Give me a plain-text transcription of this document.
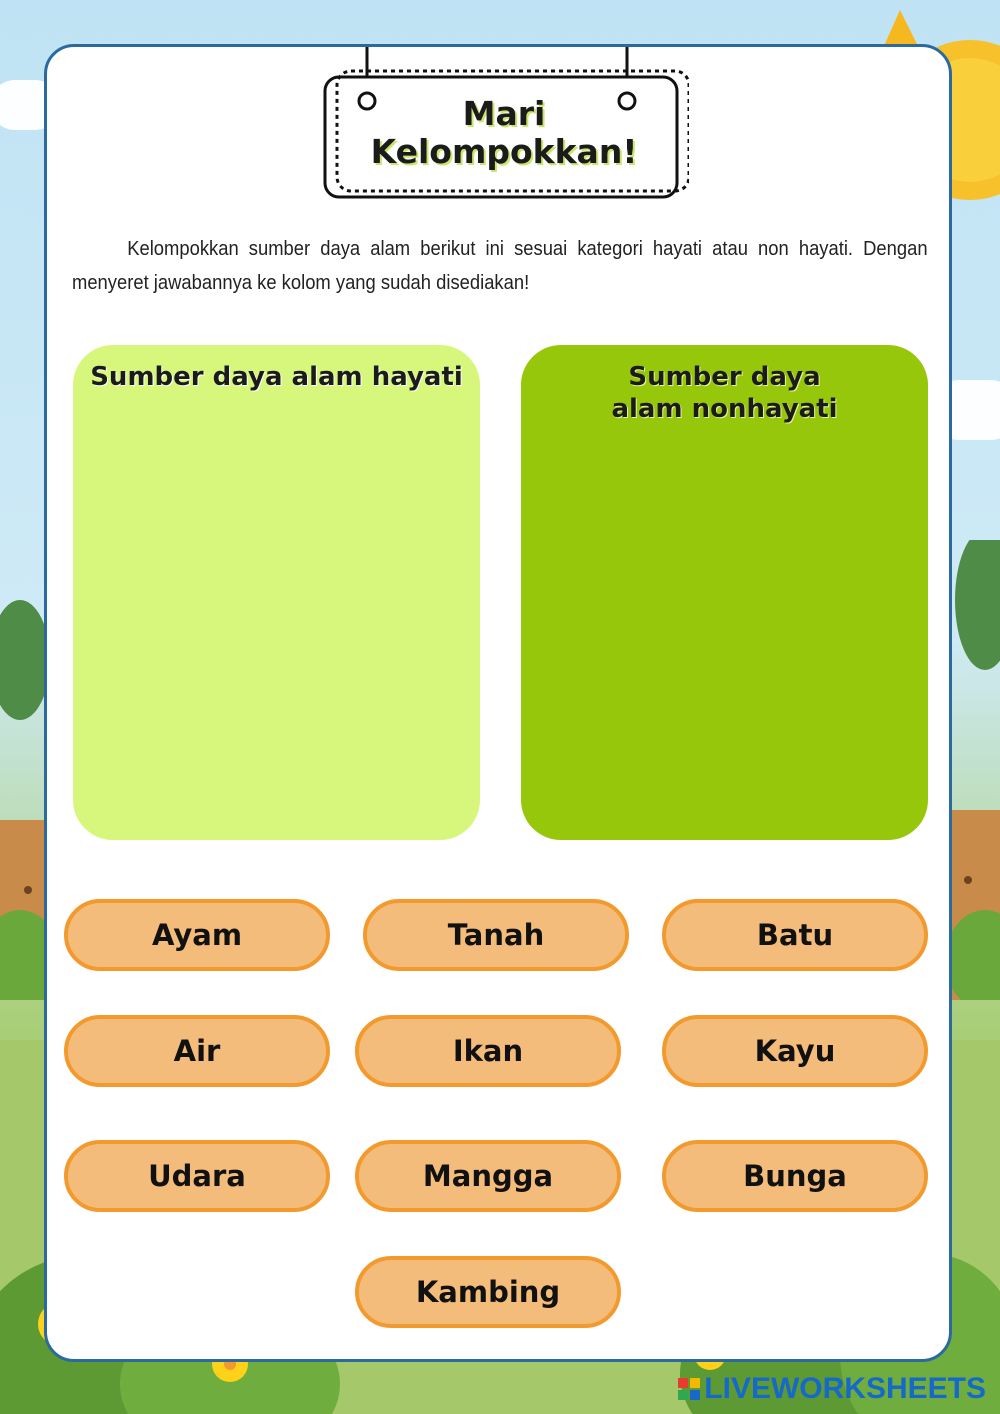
Mari Kelompokkan!
Kelompokkan sumber daya alam berikut ini sesuai kategori hayati atau non hayati. Dengan menyeret jawabannya ke kolom yang sudah disediakan!
Sumber daya alam hayati	Sumber daya alam nonhayati
Ayam	Tanah	Batu
Air	Ikan	Kayu
Udara	Mangga	Bunga
Kambing
LIVEWORKSHEETS
